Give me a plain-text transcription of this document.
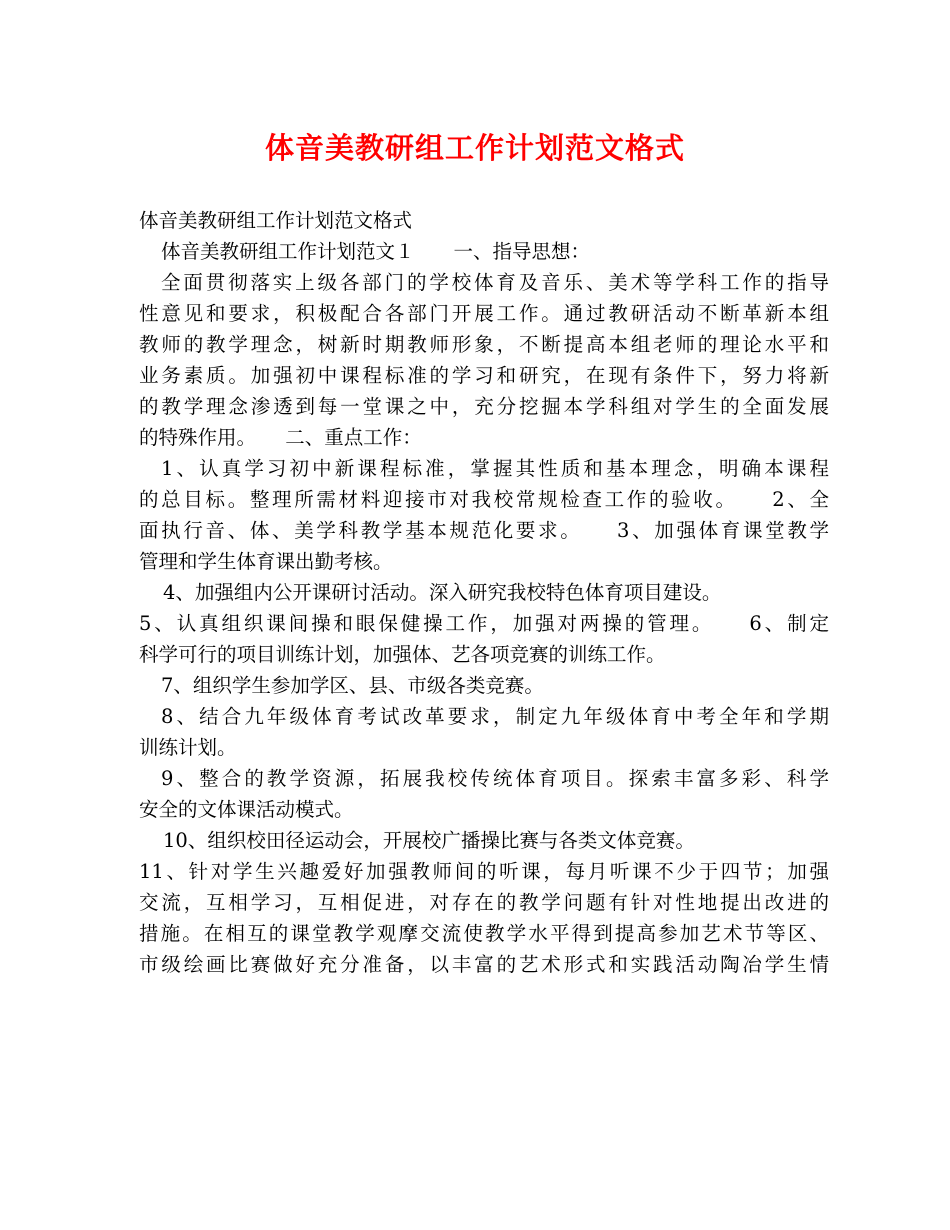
体音美教研组工作计划范文格式
体音美教研组工作计划范文格式
体音美教研组工作计划范文１　　一、指导思想：
全面贯彻落实上级各部门的学校体育及音乐、美术等学科工作的指导
性意见和要求，积极配合各部门开展工作。通过教研活动不断革新本组
教师的教学理念，树新时期教师形象，不断提高本组老师的理论水平和
业务素质。加强初中课程标准的学习和研究，在现有条件下，努力将新
的教学理念渗透到每一堂课之中，充分挖掘本学科组对学生的全面发展
的特殊作用。　　二、重点工作：
1、认真学习初中新课程标准，掌握其性质和基本理念，明确本课程
的总目标。整理所需材料迎接市对我校常规检查工作的验收。　　2、全
面执行音、体、美学科教学基本规范化要求。　　3、加强体育课堂教学
管理和学生体育课出勤考核。
4、加强组内公开课研讨活动。深入研究我校特色体育项目建设。
5、认真组织课间操和眼保健操工作，加强对两操的管理。　　6、制定
科学可行的项目训练计划，加强体、艺各项竞赛的训练工作。
7、组织学生参加学区、县、市级各类竞赛。
8、结合九年级体育考试改革要求，制定九年级体育中考全年和学期
训练计划。
9、整合的教学资源，拓展我校传统体育项目。探索丰富多彩、科学
安全的文体课活动模式。
10、组织校田径运动会，开展校广播操比赛与各类文体竞赛。
11、针对学生兴趣爱好加强教师间的听课，每月听课不少于四节；加强
交流，互相学习，互相促进，对存在的教学问题有针对性地提出改进的
措施。在相互的课堂教学观摩交流使教学水平得到提高参加艺术节等区、
市级绘画比赛做好充分准备，以丰富的艺术形式和实践活动陶冶学生情
